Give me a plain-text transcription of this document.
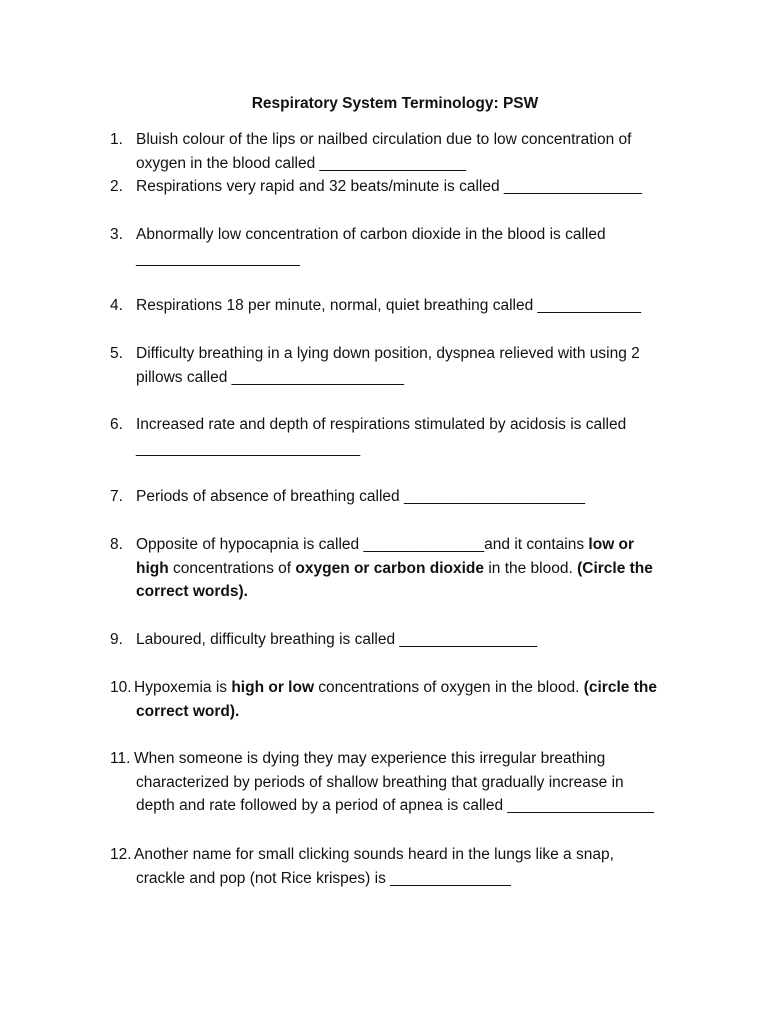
Respiratory System Terminology: PSW
1. Bluish colour of the lips or nailbed circulation due to low concentration of
oxygen in the blood called _________________
2. Respirations very rapid and 32 beats/minute is called ________________
3. Abnormally low concentration of carbon dioxide in the blood is called
___________________
4. Respirations 18 per minute, normal, quiet breathing called ____________
5. Difficulty breathing in a lying down position, dyspnea relieved with using 2
pillows called ____________________
6. Increased rate and depth of respirations stimulated by acidosis is called
__________________________
7. Periods of absence of breathing called _____________________
8. Opposite of hypocapnia is called ______________and it contains low or
high concentrations of oxygen or carbon dioxide in the blood. (Circle the
correct words).
9. Laboured, difficulty breathing is called ________________
10. Hypoxemia is high or low concentrations of oxygen in the blood. (circle the
correct word).
11. When someone is dying they may experience this irregular breathing
characterized by periods of shallow breathing that gradually increase in
depth and rate followed by a period of apnea is called _________________
12. Another name for small clicking sounds heard in the lungs like a snap,
crackle and pop (not Rice krispes) is ______________
